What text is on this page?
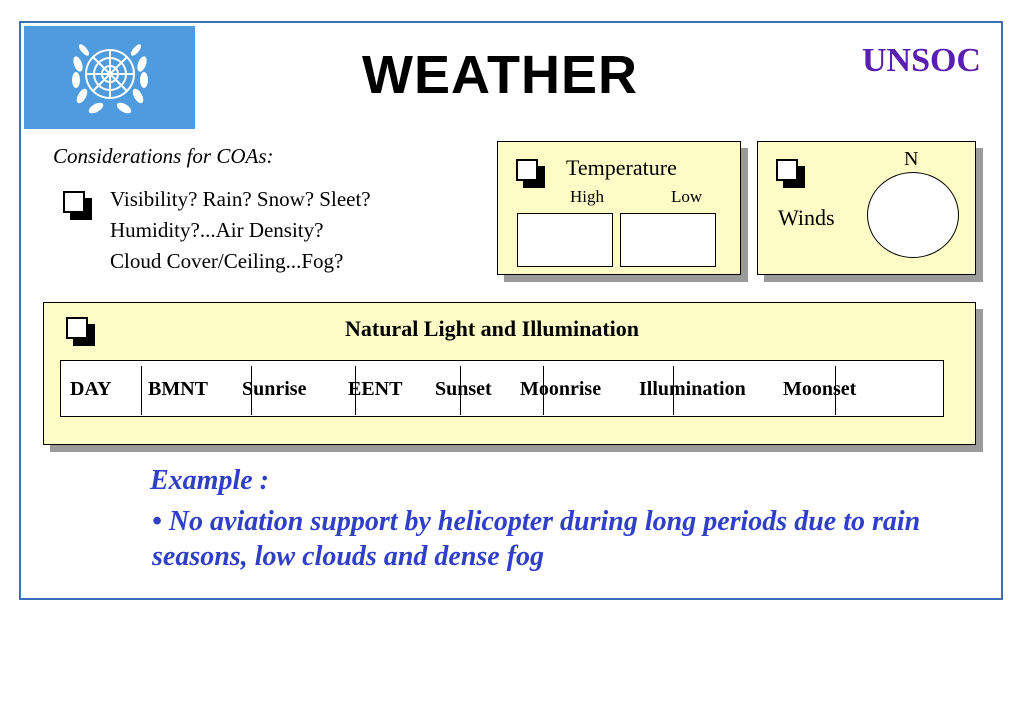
WEATHER	UNSOC
Considerations for COAs:
Visibility? Rain? Snow? Sleet?
Humidity?...Air Density?
Cloud Cover/Ceiling...Fog?
Temperature
High	Low
N
Winds
Natural Light and Illumination
DAY BMNT Sunrise EENT Sunset Moonrise Illumination Moonset
Example :
• No aviation support by helicopter during long periods due to rain seasons, low clouds and dense fog
